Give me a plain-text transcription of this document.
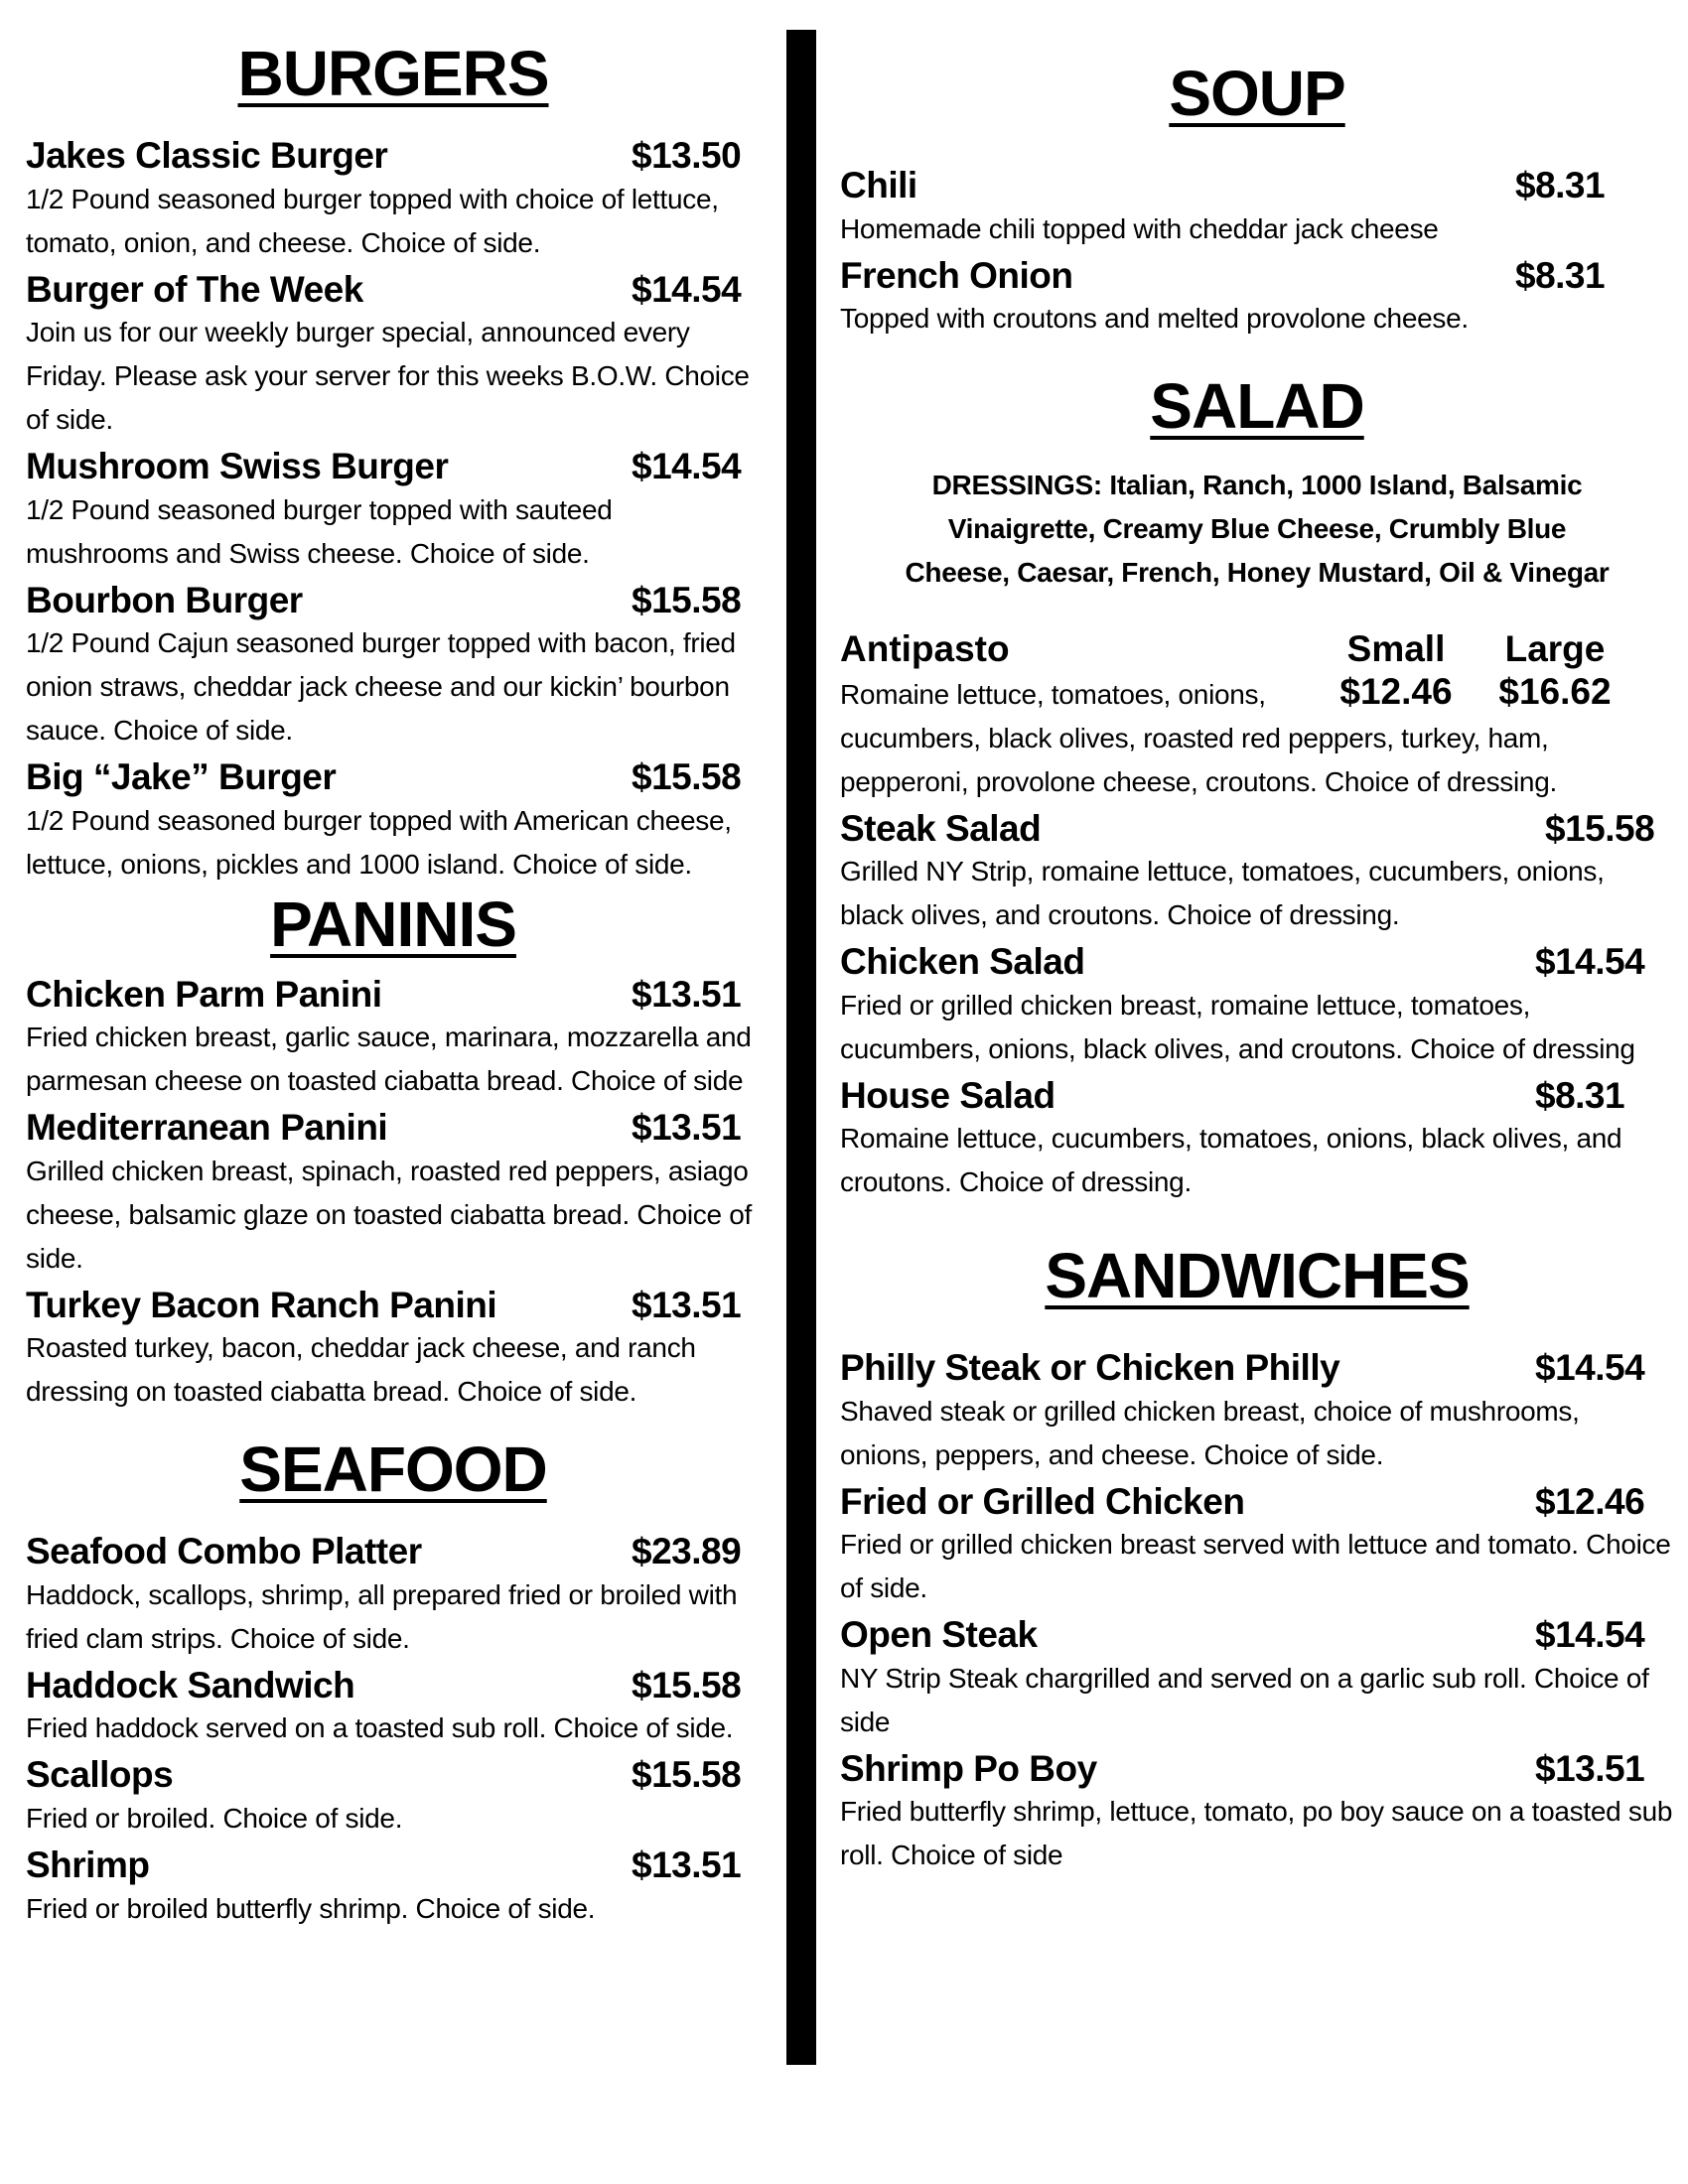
BURGERS
Jakes Classic Burger	$13.50

1/2 Pound seasoned burger topped with choice of lettuce, tomato, onion, and cheese. Choice of side.

Burger of The Week	$14.54

Join us for our weekly burger special, announced every Friday. Please ask your server for this weeks B.O.W. Choice of side.

Mushroom Swiss Burger	$14.54

1/2 Pound seasoned burger topped with sauteed mushrooms and Swiss cheese. Choice of side.

Bourbon Burger	$15.58

1/2 Pound Cajun seasoned burger topped with bacon, fried onion straws, cheddar jack cheese and our kickin’ bourbon sauce. Choice of side.

Big “Jake” Burger	$15.58

1/2 Pound seasoned burger topped with American cheese, lettuce, onions, pickles and 1000 island. Choice of side.

PANINIS
Chicken Parm Panini	$13.51

Fried chicken breast, garlic sauce, marinara, mozzarella and parmesan cheese on toasted ciabatta bread. Choice of side

Mediterranean Panini	$13.51

Grilled chicken breast, spinach, roasted red peppers, asiago cheese, balsamic glaze on toasted ciabatta bread. Choice of side.

Turkey Bacon Ranch Panini	$13.51

Roasted turkey, bacon, cheddar jack cheese, and ranch dressing on toasted ciabatta bread. Choice of side.

SEAFOOD
Seafood Combo Platter	$23.89

Haddock, scallops, shrimp, all prepared fried or broiled with fried clam strips. Choice of side.

Haddock Sandwich	$15.58

Fried haddock served on a toasted sub roll. Choice of side.

Scallops	$15.58

Fried or broiled. Choice of side.

Shrimp	$13.51

Fried or broiled butterfly shrimp. Choice of side.

SOUP
Chili	$8.31

Homemade chili topped with cheddar jack cheese

French Onion	$8.31

Topped with croutons and melted provolone cheese.

SALAD

DRESSINGS: Italian, Ranch, 1000 Island, Balsamic Vinaigrette, Creamy Blue Cheese, Crumbly Blue Cheese, Caesar, French, Honey Mustard, Oil & Vinegar

Antipasto	Small	Large

Romaine lettuce, tomatoes, onions,	$12.46	$16.62

cucumbers, black olives, roasted red peppers, turkey, ham, pepperoni, provolone cheese, croutons. Choice of dressing.

Steak Salad	$15.58

Grilled NY Strip, romaine lettuce, tomatoes, cucumbers, onions, black olives, and croutons. Choice of dressing.

Chicken Salad	$14.54

Fried or grilled chicken breast, romaine lettuce, tomatoes, cucumbers, onions, black olives, and croutons. Choice of dressing

House Salad	$8.31

Romaine lettuce, cucumbers, tomatoes, onions, black olives, and croutons. Choice of dressing.

SANDWICHES
Philly Steak or Chicken Philly	$14.54

Shaved steak or grilled chicken breast, choice of mushrooms, onions, peppers, and cheese. Choice of side.

Fried or Grilled Chicken	$12.46

Fried or grilled chicken breast served with lettuce and tomato. Choice of side.

Open Steak	$14.54

NY Strip Steak chargrilled and served on a garlic sub roll. Choice of side

Shrimp Po Boy	$13.51

Fried butterfly shrimp, lettuce, tomato, po boy sauce on a toasted sub roll. Choice of side
